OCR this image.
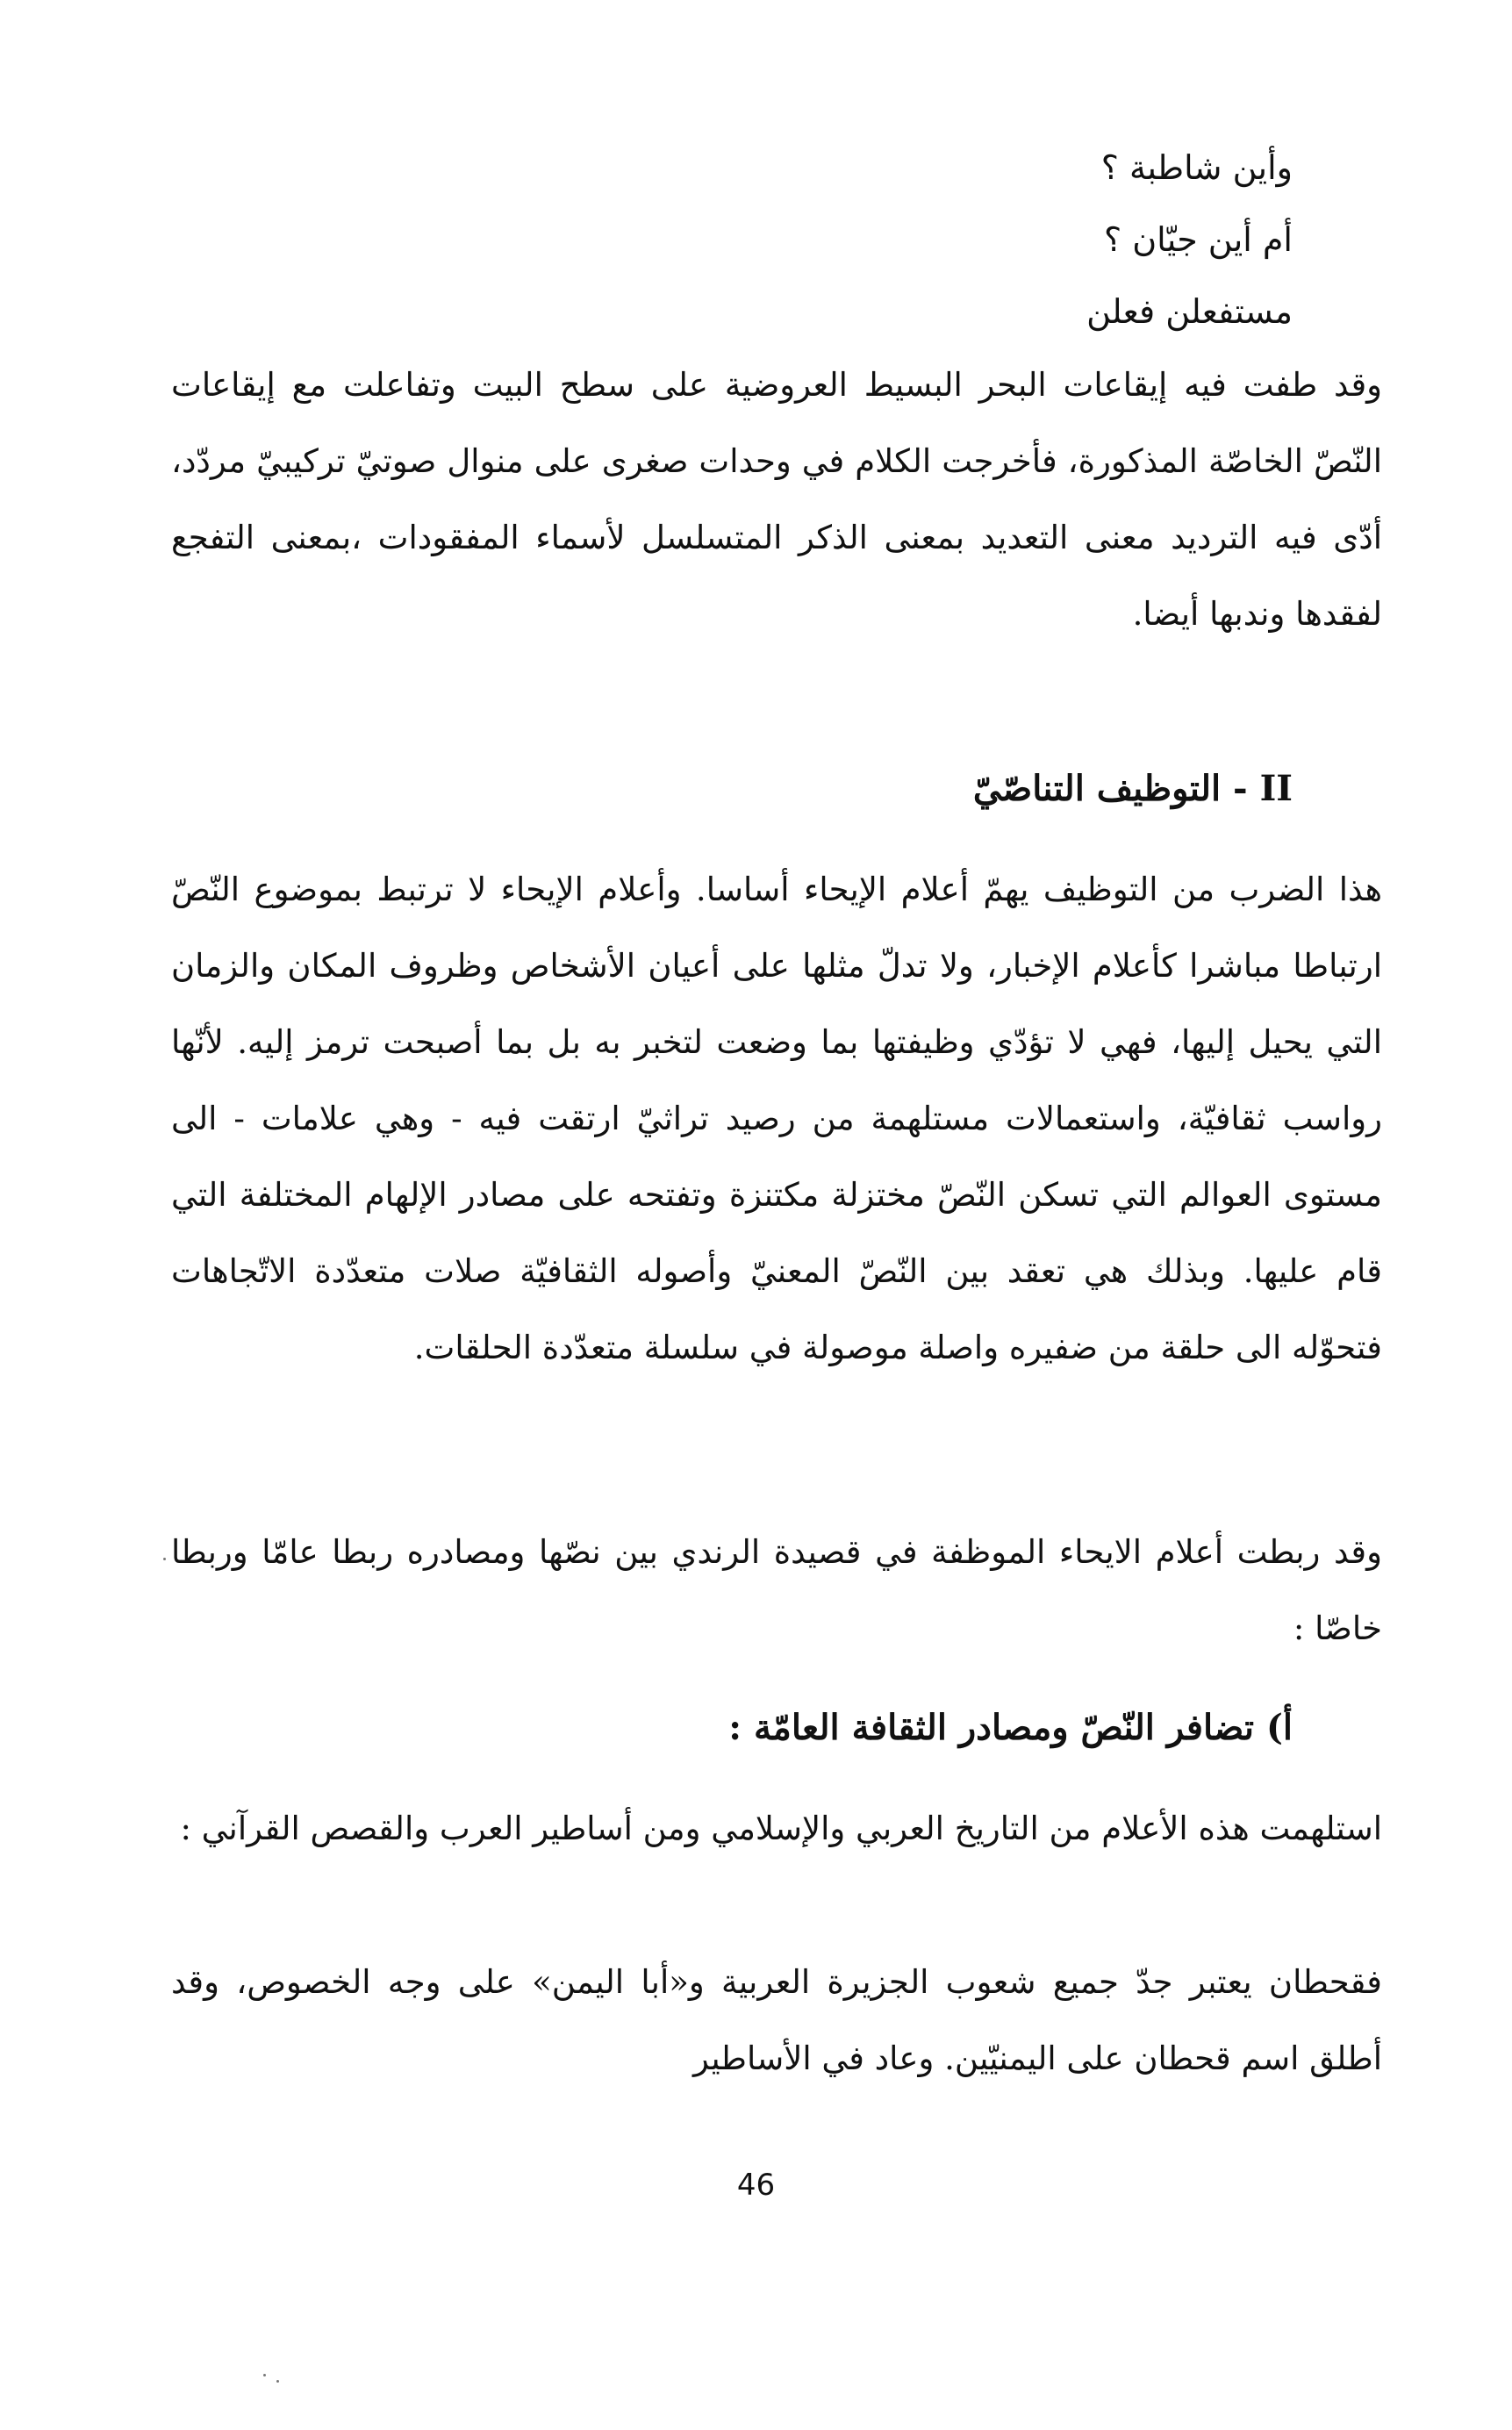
وأين شاطبة ؟
أم أين جيّان ؟
مستفعلن فعلن

وقد طفت فيه إيقاعات البحر البسيط العروضية على سطح البيت وتفاعلت مع إيقاعات النّصّ الخاصّة المذكورة، فأخرجت الكلام في وحدات صغرى على منوال صوتيّ تركيبيّ مردّد، أدّى فيه الترديد معنى التعديد بمعنى الذكر المتسلسل لأسماء المفقودات ،بمعنى التفجع لفقدها وندبها أيضا.

II - التوظيف التناصّيّ

هذا الضرب من التوظيف يهمّ أعلام الإيحاء أساسا. وأعلام الإيحاء لا ترتبط بموضوع النّصّ ارتباطا مباشرا كأعلام الإخبار، ولا تدلّ مثلها على أعيان الأشخاص وظروف المكان والزمان التي يحيل إليها، فهي لا تؤدّي وظيفتها بما وضعت لتخبر به بل بما أصبحت ترمز إليه. لأنّها رواسب ثقافيّة، واستعمالات مستلهمة من رصيد تراثيّ ارتقت فيه - وهي علامات - الى مستوى العوالم التي تسكن النّصّ مختزلة مكتنزة وتفتحه على مصادر الإلهام المختلفة التي قام عليها. وبذلك هي تعقد بين النّصّ المعنيّ وأصوله الثقافيّة صلات متعدّدة الاتّجاهات فتحوّله الى حلقة من ضفيره واصلة موصولة في سلسلة متعدّدة الحلقات.

وقد ربطت أعلام الايحاء الموظفة في قصيدة الرندي بين نصّها ومصادره ربطا عامّا وربطا خاصّا :

أ) تضافر النّصّ ومصادر الثقافة العامّة :

استلهمت هذه الأعلام من التاريخ العربي والإسلامي ومن أساطير العرب والقصص القرآني :

فقحطان يعتبر جدّ جميع شعوب الجزيرة العربية و«أبا اليمن» على وجه الخصوص، وقد أطلق اسم قحطان على اليمنيّين. وعاد في الأساطير

46
